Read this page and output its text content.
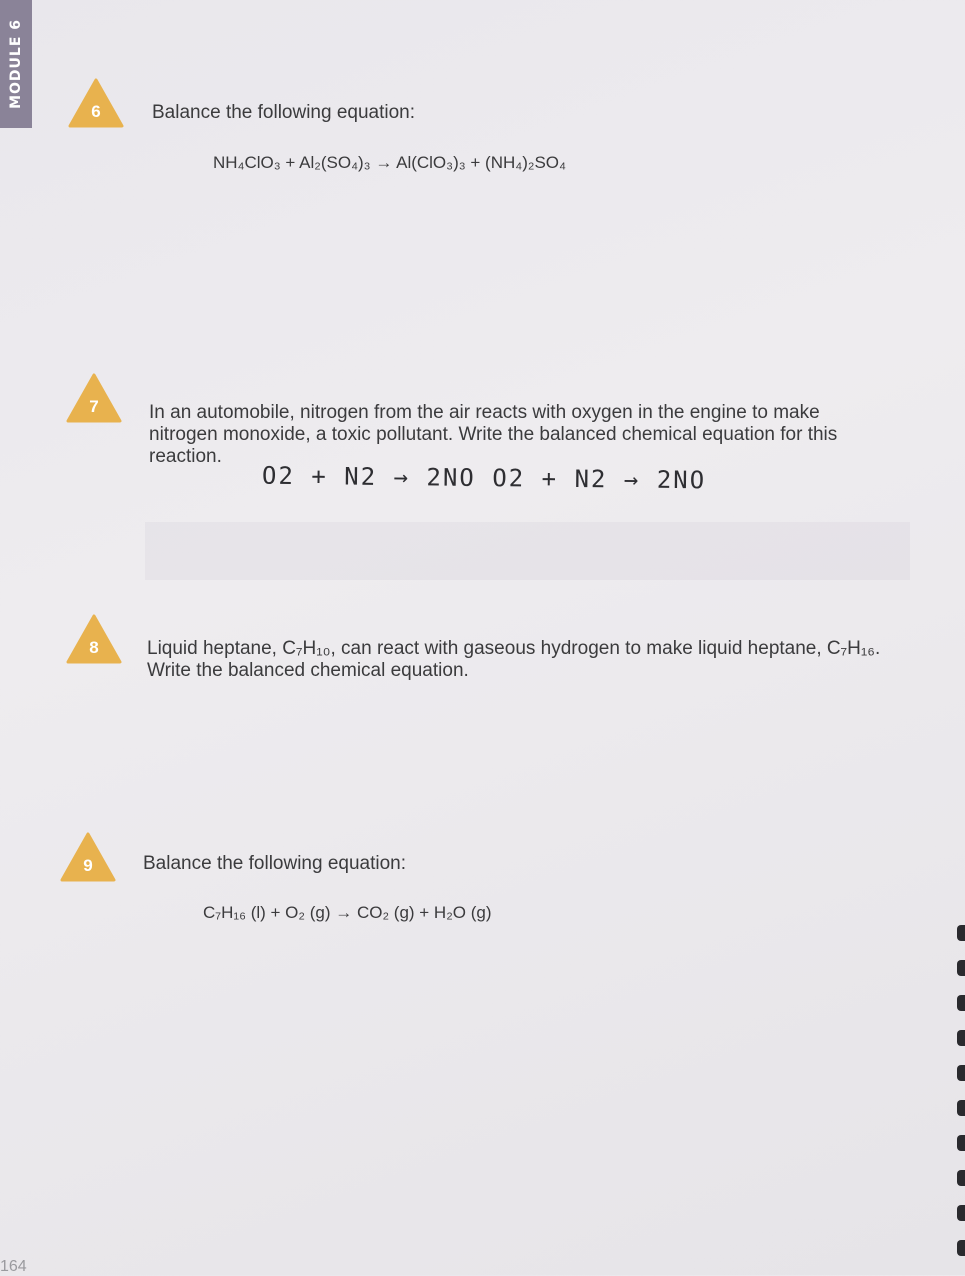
MODULE 6
6	Balance the following equation:
NH₄ClO₃ + Al₂(SO₄)₃ → Al(ClO₃)₃ + (NH₄)₂SO₄
7	In an automobile, nitrogen from the air reacts with oxygen in the engine to make nitrogen monoxide, a toxic pollutant. Write the balanced chemical equation for this reaction.
O2 + N2 → 2NO O2 + N2 → 2NO
8	Liquid heptane, C₇H₁₀, can react with gaseous hydrogen to make liquid heptane, C₇H₁₆. Write the balanced chemical equation.
9	Balance the following equation:
C₇H₁₆ (l) + O₂ (g) → CO₂ (g) + H₂O (g)
164
